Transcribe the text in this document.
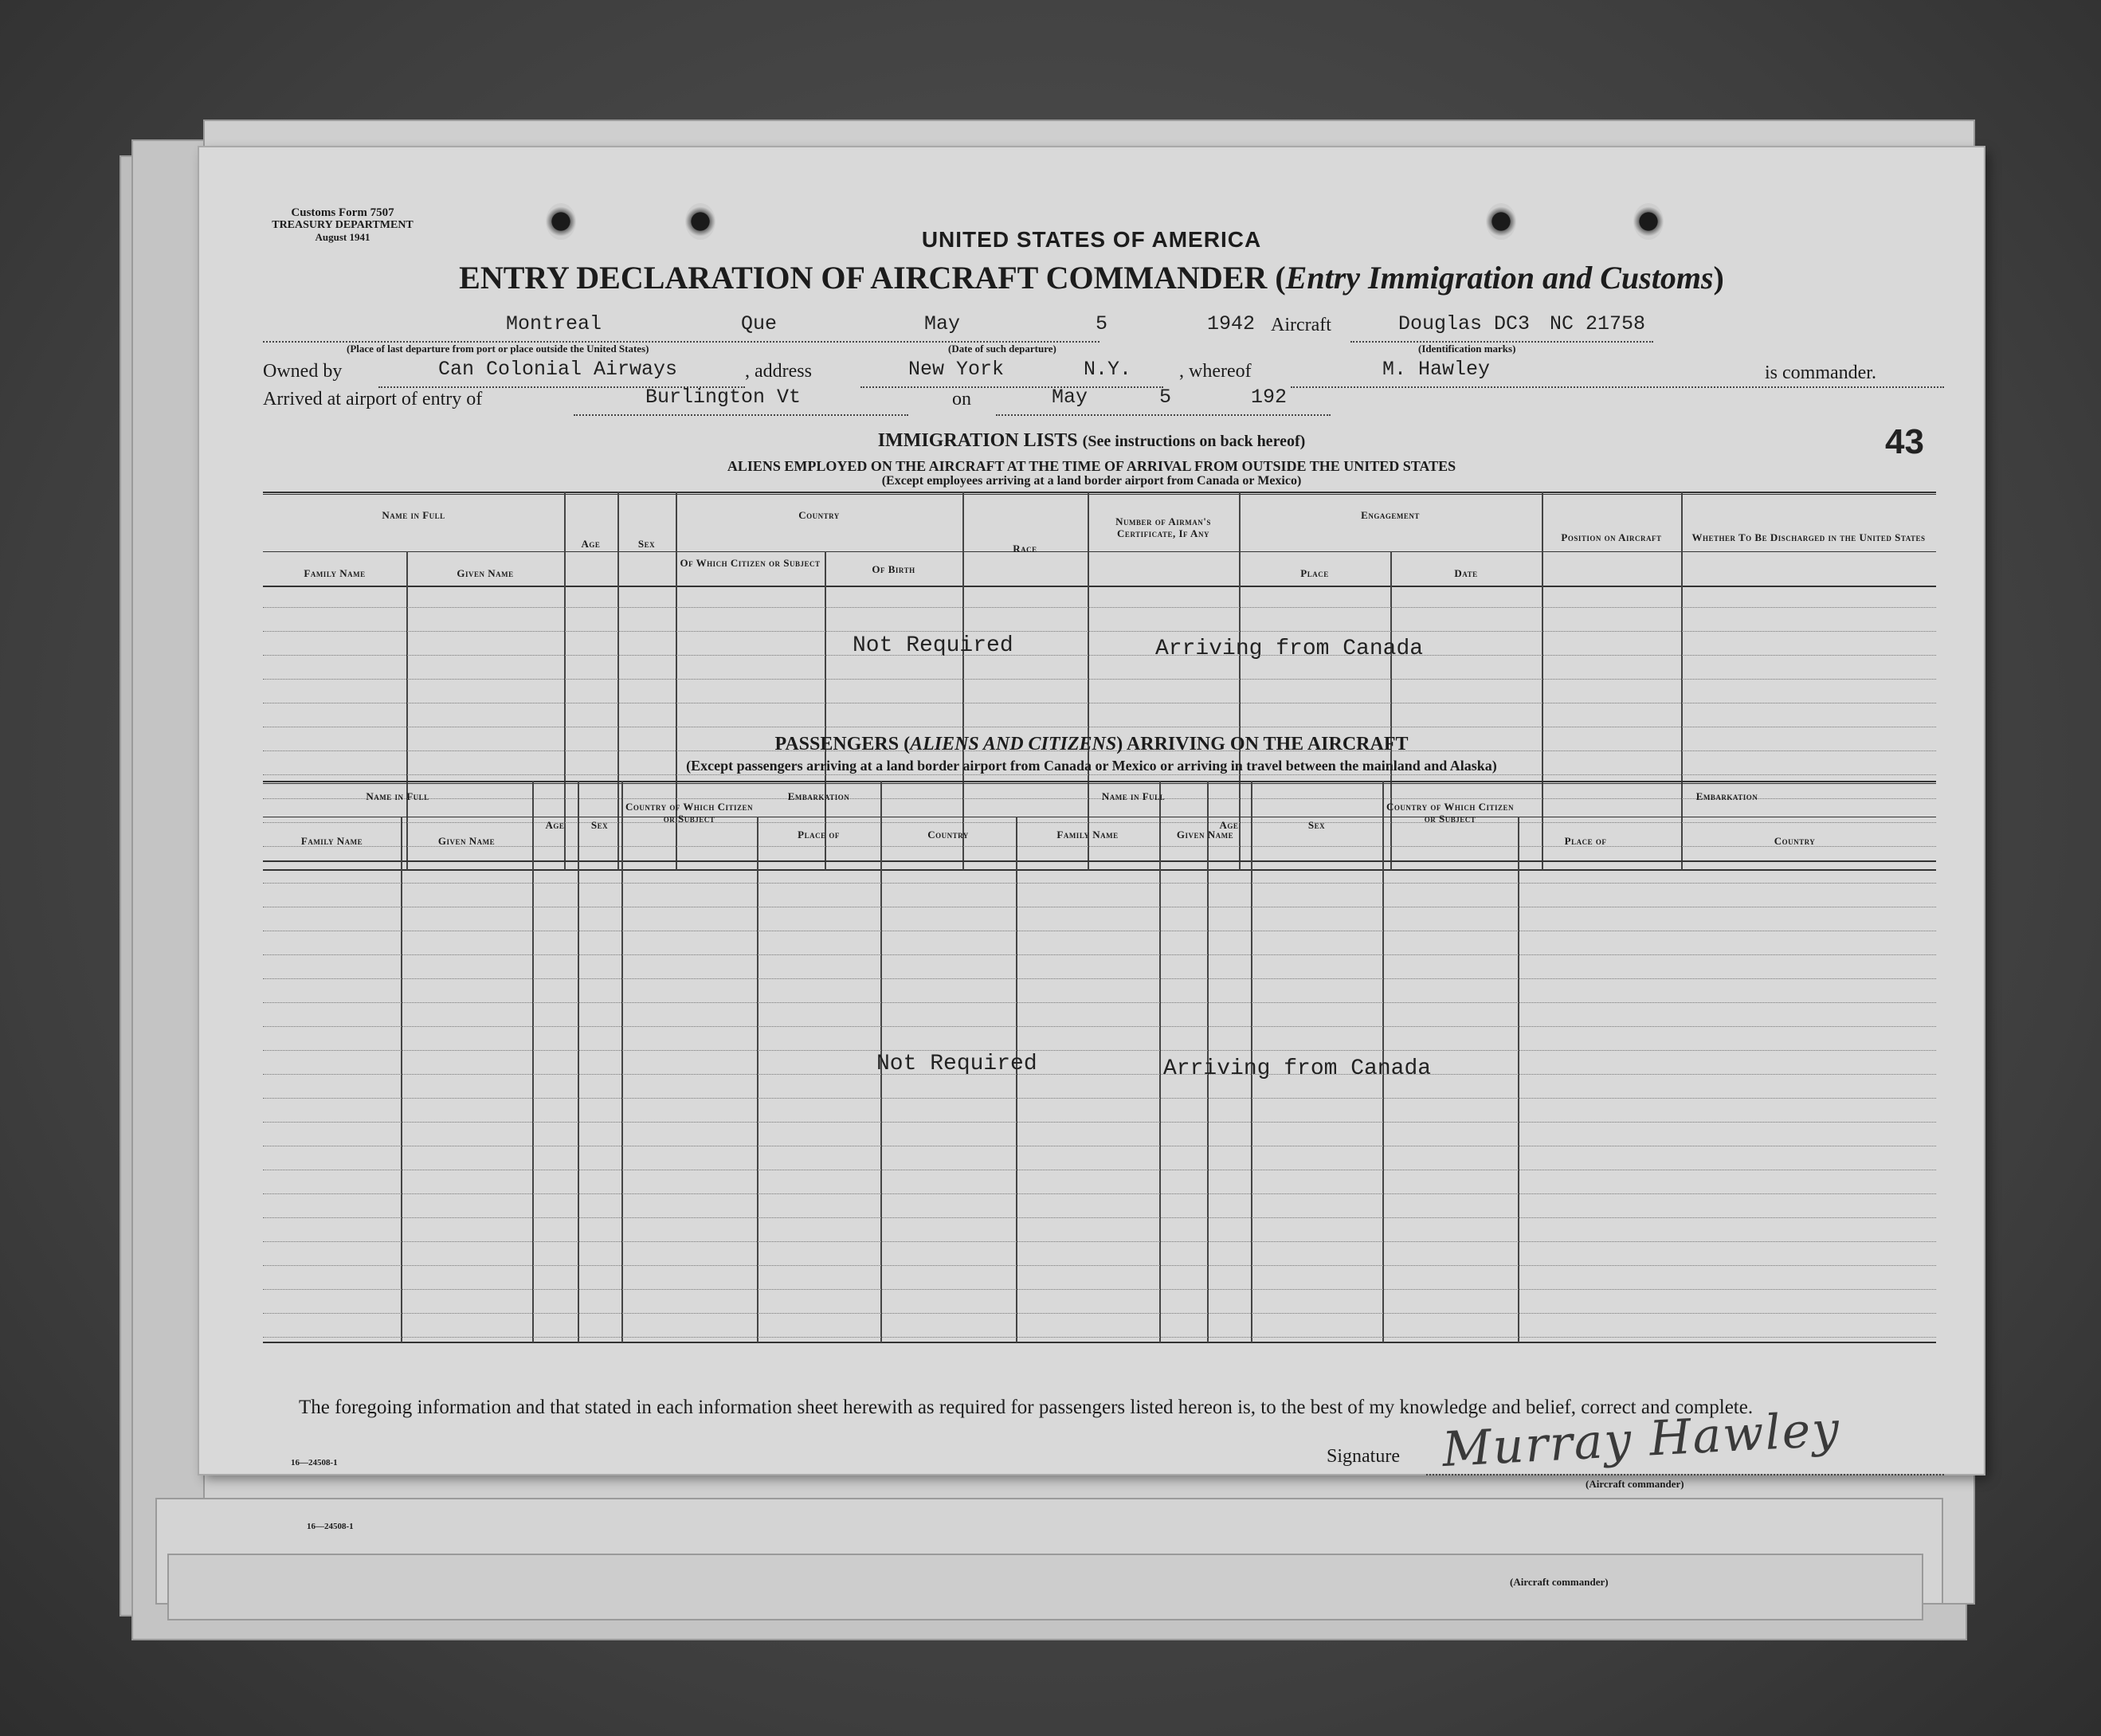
16—24508-1
(Aircraft commander)
43
Customs Form 7507
TREASURY DEPARTMENT
August 1941	UNITED STATES OF AMERICA
ENTRY DECLARATION OF AIRCRAFT COMMANDER (Entry Immigration and Customs)
Montreal	Que	May	5	1942
(Place of last departure from port or place outside the United States)	(Date of such departure)
Aircraft	Douglas DC3 NC 21758
(Identification marks)
Owned by	Can Colonial Airways	, address	New York	N.Y. , whereof	M. Hawley	is commander.
Arrived at airport of entry of	Burlington Vt	on	May	5	192
IMMIGRATION LISTS (See instructions on back hereof)
ALIENS EMPLOYED ON THE AIRCRAFT AT THE TIME OF ARRIVAL FROM OUTSIDE THE UNITED STATES
(Except employees arriving at a land border airport from Canada or Mexico)
Name in Full
Family Name	Given Name
Age	Sex
Country
Of Which Citizen or Subject
Of Birth
Race
Number of Airman's Certificate, If Any
Engagement
Place	Date
Position on Aircraft	Whether To Be Discharged in the United States
Not Required	Arriving from Canada
PASSENGERS (ALIENS AND CITIZENS) ARRIVING ON THE AIRCRAFT
(Except passengers arriving at a land border airport from Canada or Mexico or arriving in travel between the mainland and Alaska)
Name in Full
Family Name	Given Name
Age	Sex
Country of Which Citizen or Subject
Embarkation
Place of	Country
Name in Full
Family Name	Given Name
Age	Sex
Country of Which Citizen or Subject
Embarkation
Place of	Country
Not Required	Arriving from Canada
The foregoing information and that stated in each information sheet herewith as required for passengers listed hereon is, to the best of my knowledge and belief, correct and complete.
16—24508-1	Signature Murray Hawley
(Aircraft commander)
